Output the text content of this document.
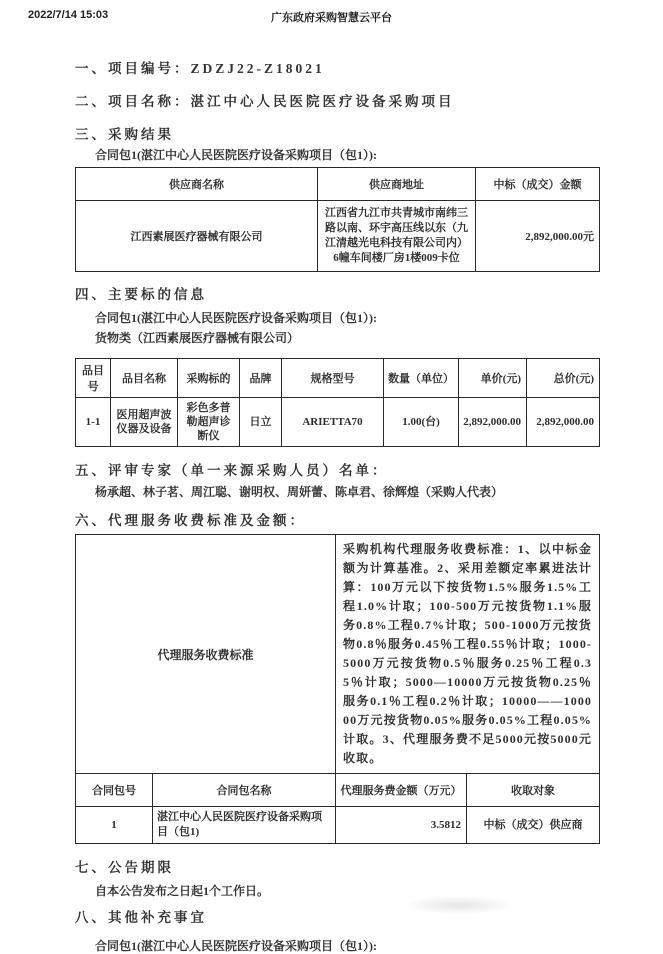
2022/7/14 15:03	广东政府采购智慧云平台
一、项目编号：ZDZJ22-Z18021
二、项目名称：湛江中心人民医院医疗设备采购项目
三、采购结果
合同包1(湛江中心人民医院医疗设备采购项目（包1）):
供应商名称	供应商地址	中标（成交）金额
江西素展医疗器械有限公司	江西省九江市共青城市南纬三路以南、环宇高压线以东（九江清越光电科技有限公司内）6幢车间楼厂房1楼009卡位	2,892,000.00元
四、主要标的信息
合同包1(湛江中心人民医院医疗设备采购项目（包1）):
货物类（江西素展医疗器械有限公司）
品目号	品目名称	采购标的	品牌	规格型号	数量（单位）	单价(元)	总价(元)
1-1	医用超声波仪器及设备	彩色多普勒超声诊断仪	日立	ARIETTA70	1.00(台)	2,892,000.00	2,892,000.00
五、评审专家（单一来源采购人员）名单：
杨承超、林子茗、周江聪、谢明权、周妍蕾、陈卓君、徐辉煌（采购人代表）
六、代理服务收费标准及金额：
代理服务收费标准		采购机构代理服务收费标准：1、以中标金额为计算基准。2、采用差额定率累进法计算：100万元以下按货物1.5%服务1.5%工程1.0%计取；100-500万元按货物1.1%服务0.8%工程0.7%计取；500-1000万元按货物0.8％服务0.45％工程0.55％计取；1000-5000万元按货物0.5％服务0.25％工程0.35％计取；5000—10000万元按货物0.25％服务0.1％工程0.2％计取；10000——100000万元按货物0.05%服务0.05%工程0.05%计取。3、代理服务费不足5000元按5000元收取。	
合同包号	合同包名称	代理服务费金额（万元）	收取对象
1	湛江中心人民医院医疗设备采购项目（包1)	3.5812	中标（成交）供应商
七、公告期限
自本公告发布之日起1个工作日。
八、其他补充事宜
合同包1(湛江中心人民医院医疗设备采购项目（包1）):
